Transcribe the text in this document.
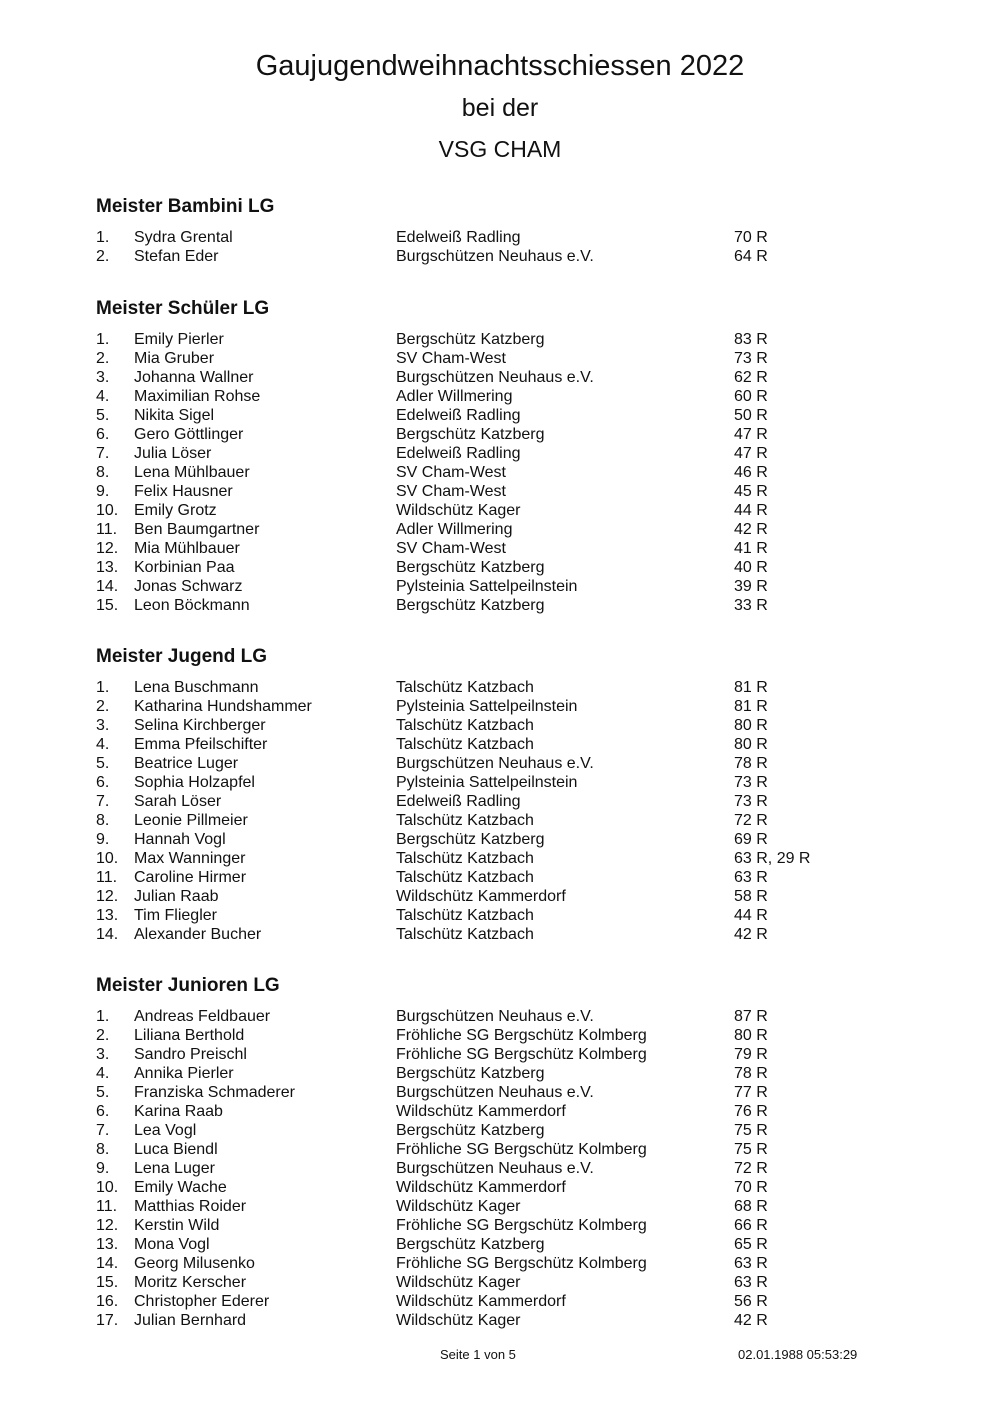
Gaujugendweihnachtsschiessen 2022
bei der
VSG CHAM
Meister Bambini LG
1. Sydra Grental	Edelweiß Radling	70 R
2. Stefan Eder	Burgschützen Neuhaus e.V.	64 R
Meister Schüler LG
1. Emily Pierler	Bergschütz Katzberg	83 R
2. Mia Gruber	SV Cham-West	73 R
3. Johanna Wallner	Burgschützen Neuhaus e.V.	62 R
4. Maximilian Rohse	Adler Willmering	60 R
5. Nikita Sigel	Edelweiß Radling	50 R
6. Gero Göttlinger	Bergschütz Katzberg	47 R
7. Julia Löser	Edelweiß Radling	47 R
8. Lena Mühlbauer	SV Cham-West	46 R
9. Felix Hausner	SV Cham-West	45 R
10. Emily Grotz	Wildschütz Kager	44 R
11. Ben Baumgartner	Adler Willmering	42 R
12. Mia Mühlbauer	SV Cham-West	41 R
13. Korbinian Paa	Bergschütz Katzberg	40 R
14. Jonas Schwarz	Pylsteinia Sattelpeilnstein	39 R
15. Leon Böckmann	Bergschütz Katzberg	33 R
Meister Jugend LG
1. Lena Buschmann	Talschütz Katzbach	81 R
2. Katharina Hundshammer	Pylsteinia Sattelpeilnstein	81 R
3. Selina Kirchberger	Talschütz Katzbach	80 R
4. Emma Pfeilschifter	Talschütz Katzbach	80 R
5. Beatrice Luger	Burgschützen Neuhaus e.V.	78 R
6. Sophia Holzapfel	Pylsteinia Sattelpeilnstein	73 R
7. Sarah Löser	Edelweiß Radling	73 R
8. Leonie Pillmeier	Talschütz Katzbach	72 R
9. Hannah Vogl	Bergschütz Katzberg	69 R
10. Max Wanninger	Talschütz Katzbach	63 R, 29 R
11. Caroline Hirmer	Talschütz Katzbach	63 R
12. Julian Raab	Wildschütz Kammerdorf	58 R
13. Tim Fliegler	Talschütz Katzbach	44 R
14. Alexander Bucher	Talschütz Katzbach	42 R
Meister Junioren LG
1. Andreas Feldbauer	Burgschützen Neuhaus e.V.	87 R
2. Liliana Berthold	Fröhliche SG Bergschütz Kolmberg	80 R
3. Sandro Preischl	Fröhliche SG Bergschütz Kolmberg	79 R
4. Annika Pierler	Bergschütz Katzberg	78 R
5. Franziska Schmaderer	Burgschützen Neuhaus e.V.	77 R
6. Karina Raab	Wildschütz Kammerdorf	76 R
7. Lea Vogl	Bergschütz Katzberg	75 R
8. Luca Biendl	Fröhliche SG Bergschütz Kolmberg	75 R
9. Lena Luger	Burgschützen Neuhaus e.V.	72 R
10. Emily Wache	Wildschütz Kammerdorf	70 R
11. Matthias Roider	Wildschütz Kager	68 R
12. Kerstin Wild	Fröhliche SG Bergschütz Kolmberg	66 R
13. Mona Vogl	Bergschütz Katzberg	65 R
14. Georg Milusenko	Fröhliche SG Bergschütz Kolmberg	63 R
15. Moritz Kerscher	Wildschütz Kager	63 R
16. Christopher Ederer	Wildschütz Kammerdorf	56 R
17. Julian Bernhard	Wildschütz Kager	42 R
Seite 1 von 5	02.01.1988 05:53:29
